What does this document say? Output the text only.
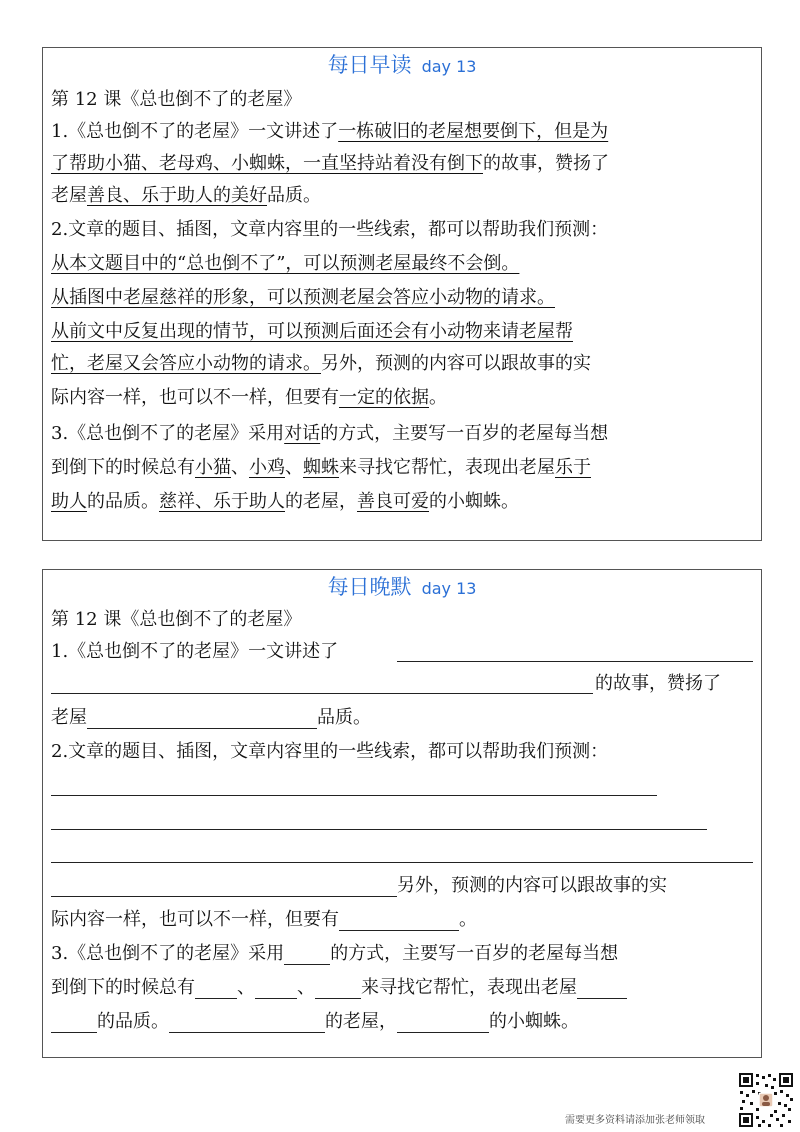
每日早读 day 13
第 12 课《总也倒不了的老屋》
1.《总也倒不了的老屋》一文讲述了一栋破旧的老屋想要倒下，但是为
了帮助小猫、老母鸡、小蜘蛛，一直坚持站着没有倒下的故事，赞扬了
老屋善良、乐于助人的美好品质。
2.文章的题目、插图，文章内容里的一些线索，都可以帮助我们预测：
从本文题目中的“总也倒不了”，可以预测老屋最终不会倒。
从插图中老屋慈祥的形象，可以预测老屋会答应小动物的请求。
从前文中反复出现的情节，可以预测后面还会有小动物来请老屋帮
忙，老屋又会答应小动物的请求。另外，预测的内容可以跟故事的实
际内容一样，也可以不一样，但要有一定的依据。
3.《总也倒不了的老屋》采用对话的方式，主要写一百岁的老屋每当想
到倒下的时候总有小猫、小鸡、蜘蛛来寻找它帮忙，表现出老屋乐于
助人的品质。慈祥、乐于助人的老屋，善良可爱的小蜘蛛。
每日晚默 day 13
第 12 课《总也倒不了的老屋》
1.《总也倒不了的老屋》一文讲述了
的故事，赞扬了
老屋	品质。
2.文章的题目、插图，文章内容里的一些线索，都可以帮助我们预测：
另外，预测的内容可以跟故事的实
际内容一样，也可以不一样，但要有	。
3.《总也倒不了的老屋》采用	的方式，主要写一百岁的老屋每当想
到倒下的时候总有 、 、	来寻找它帮忙，表现出老屋
的品质。	的老屋，	的小蜘蛛。
需要更多资料请添加张老师领取
